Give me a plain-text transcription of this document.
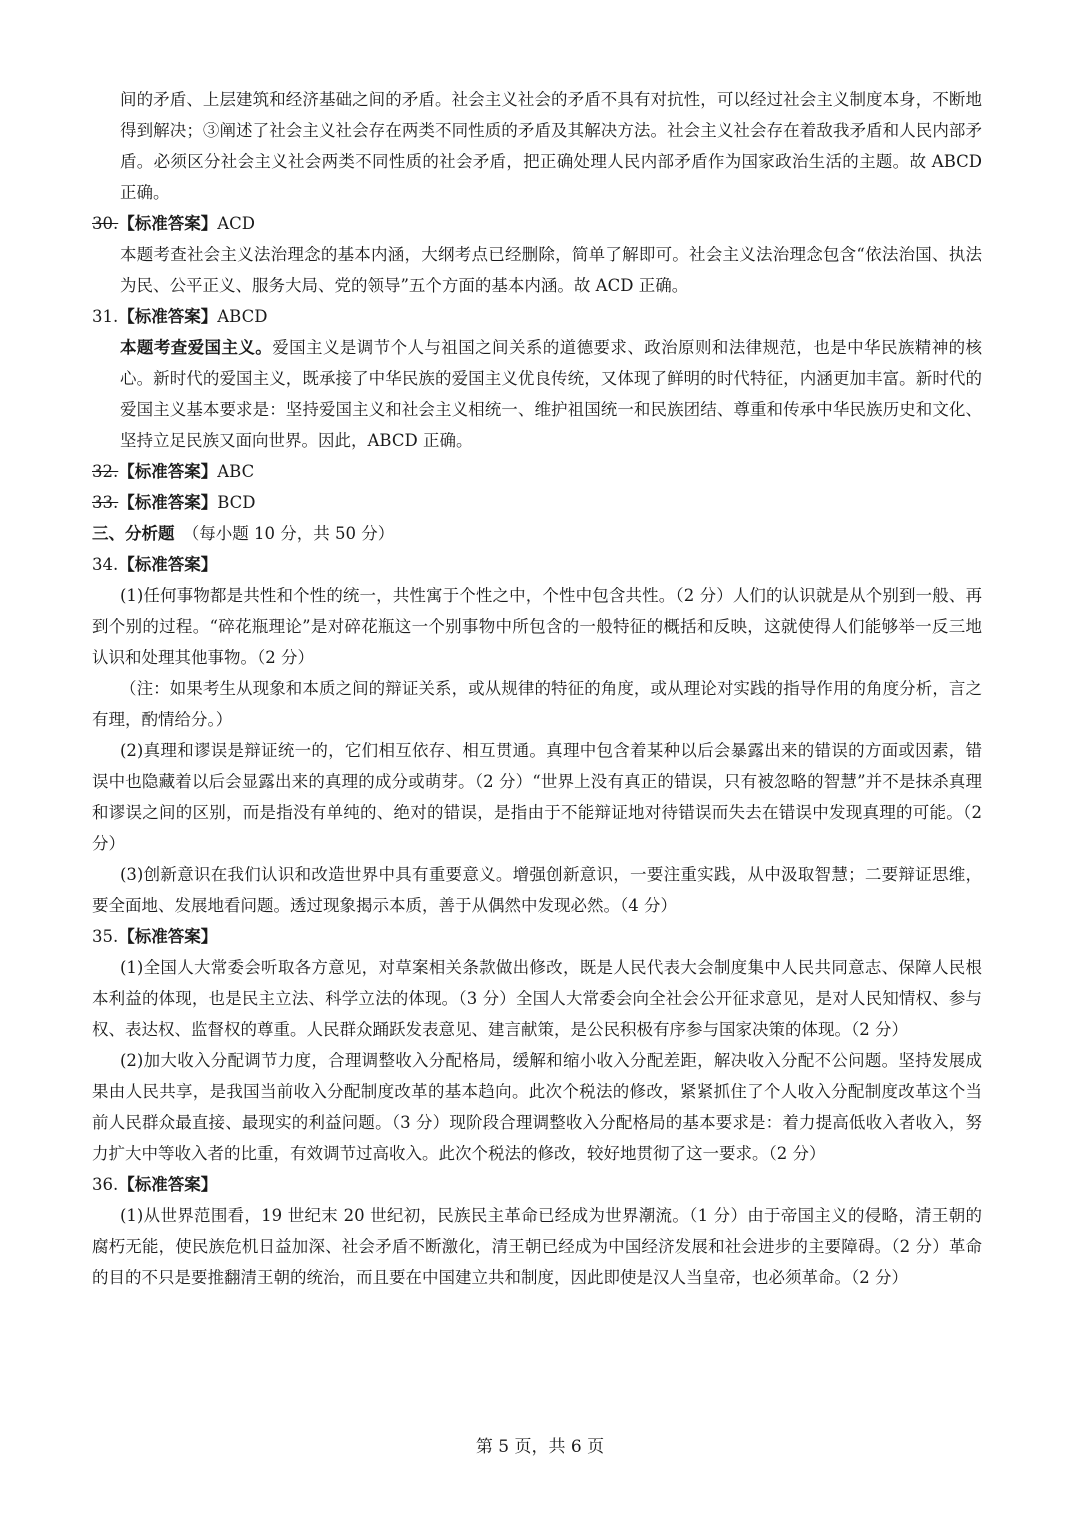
间的矛盾、上层建筑和经济基础之间的矛盾。社会主义社会的矛盾不具有对抗性，可以经过社会主义制度本身，不断地得到解决；③阐述了社会主义社会存在两类不同性质的矛盾及其解决方法。社会主义社会存在着敌我矛盾和人民内部矛盾。必须区分社会主义社会两类不同性质的社会矛盾，把正确处理人民内部矛盾作为国家政治生活的主题。故 ABCD 正确。

30.【标准答案】ACD

本题考查社会主义法治理念的基本内涵，大纲考点已经删除，简单了解即可。社会主义法治理念包含“依法治国、执法为民、公平正义、服务大局、党的领导”五个方面的基本内涵。故 ACD 正确。

31.【标准答案】ABCD

本题考查爱国主义。爱国主义是调节个人与祖国之间关系的道德要求、政治原则和法律规范，也是中华民族精神的核心。新时代的爱国主义，既承接了中华民族的爱国主义优良传统，又体现了鲜明的时代特征，内涵更加丰富。新时代的爱国主义基本要求是：坚持爱国主义和社会主义相统一、维护祖国统一和民族团结、尊重和传承中华民族历史和文化、坚持立足民族又面向世界。因此，ABCD 正确。

32.【标准答案】ABC

33.【标准答案】BCD

三、分析题　（每小题 10 分，共 50 分）

34.【标准答案】

(1)任何事物都是共性和个性的统一，共性寓于个性之中，个性中包含共性。（2 分）人们的认识就是从个别到一般、再到个别的过程。“碎花瓶理论”是对碎花瓶这一个别事物中所包含的一般特征的概括和反映，这就使得人们能够举一反三地认识和处理其他事物。（2 分）

（注：如果考生从现象和本质之间的辩证关系，或从规律的特征的角度，或从理论对实践的指导作用的角度分析，言之有理，酌情给分。）

(2)真理和谬误是辩证统一的，它们相互依存、相互贯通。真理中包含着某种以后会暴露出来的错误的方面或因素，错误中也隐藏着以后会显露出来的真理的成分或萌芽。（2 分）“世界上没有真正的错误，只有被忽略的智慧”并不是抹杀真理和谬误之间的区别，而是指没有单纯的、绝对的错误，是指由于不能辩证地对待错误而失去在错误中发现真理的可能。（2 分）

(3)创新意识在我们认识和改造世界中具有重要意义。增强创新意识，一要注重实践，从中汲取智慧；二要辩证思维，要全面地、发展地看问题。透过现象揭示本质，善于从偶然中发现必然。（4 分）

35.【标准答案】

(1)全国人大常委会听取各方意见，对草案相关条款做出修改，既是人民代表大会制度集中人民共同意志、保障人民根本利益的体现，也是民主立法、科学立法的体现。（3 分）全国人大常委会向全社会公开征求意见，是对人民知情权、参与权、表达权、监督权的尊重。人民群众踊跃发表意见、建言献策，是公民积极有序参与国家决策的体现。（2 分）

(2)加大收入分配调节力度，合理调整收入分配格局，缓解和缩小收入分配差距，解决收入分配不公问题。坚持发展成果由人民共享，是我国当前收入分配制度改革的基本趋向。此次个税法的修改，紧紧抓住了个人收入分配制度改革这个当前人民群众最直接、最现实的利益问题。（3 分）现阶段合理调整收入分配格局的基本要求是：着力提高低收入者收入，努力扩大中等收入者的比重，有效调节过高收入。此次个税法的修改，较好地贯彻了这一要求。（2 分）

36.【标准答案】

(1)从世界范围看，19 世纪末 20 世纪初，民族民主革命已经成为世界潮流。（1 分）由于帝国主义的侵略，清王朝的腐朽无能，使民族危机日益加深、社会矛盾不断激化，清王朝已经成为中国经济发展和社会进步的主要障碍。（2 分）革命的目的不只是要推翻清王朝的统治，而且要在中国建立共和制度，因此即使是汉人当皇帝，也必须革命。（2 分）

第 5 页，共 6 页
